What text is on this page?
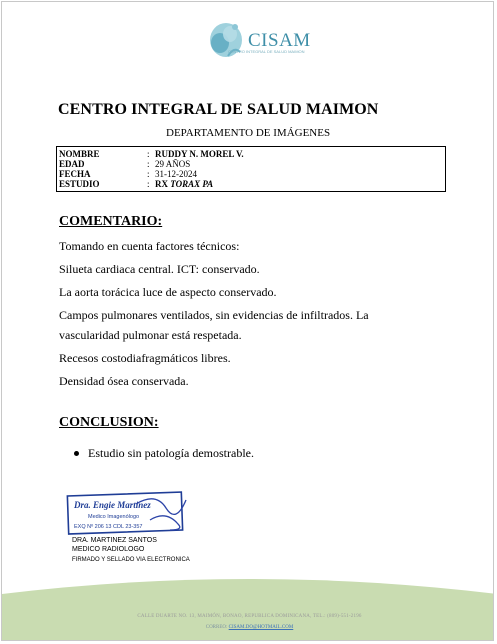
CISAM
CENTRO INTEGRAL DE SALUD MAIMON
CENTRO INTEGRAL DE SALUD MAIMON
DEPARTAMENTO DE IMÁGENES
NOMBRE	: RUDDY N. MOREL V.
EDAD	: 29 AÑOS
FECHA	: 31-12-2024
ESTUDIO	: RX TORAX PA
COMENTARIO:
Tomando en cuenta factores técnicos:
Silueta cardiaca central. ICT: conservado.
La aorta torácica luce de aspecto conservado.
Campos pulmonares ventilados, sin evidencias de infiltrados. La
vascularidad pulmonar está respetada.
Recesos costodiafragmáticos libres.
Densidad ósea conservada.
CONCLUSION:
Estudio sin patología demostrable.
Dra. Engie Martinez
Medico Imagenólogo
EXQ Nº 206 13 CDL 23-357
DRA. MARTINEZ SANTOS
MEDICO RADIOLOGO
FIRMADO Y SELLADO VIA ELECTRONICA
CALLE DUARTE NO. 13, MAIMÓN, BONAO, REPUBLICA DOMINICANA, TEL.: (809)-551-2196
CORREO: CISAM.DO@HOTMAIL.COM
